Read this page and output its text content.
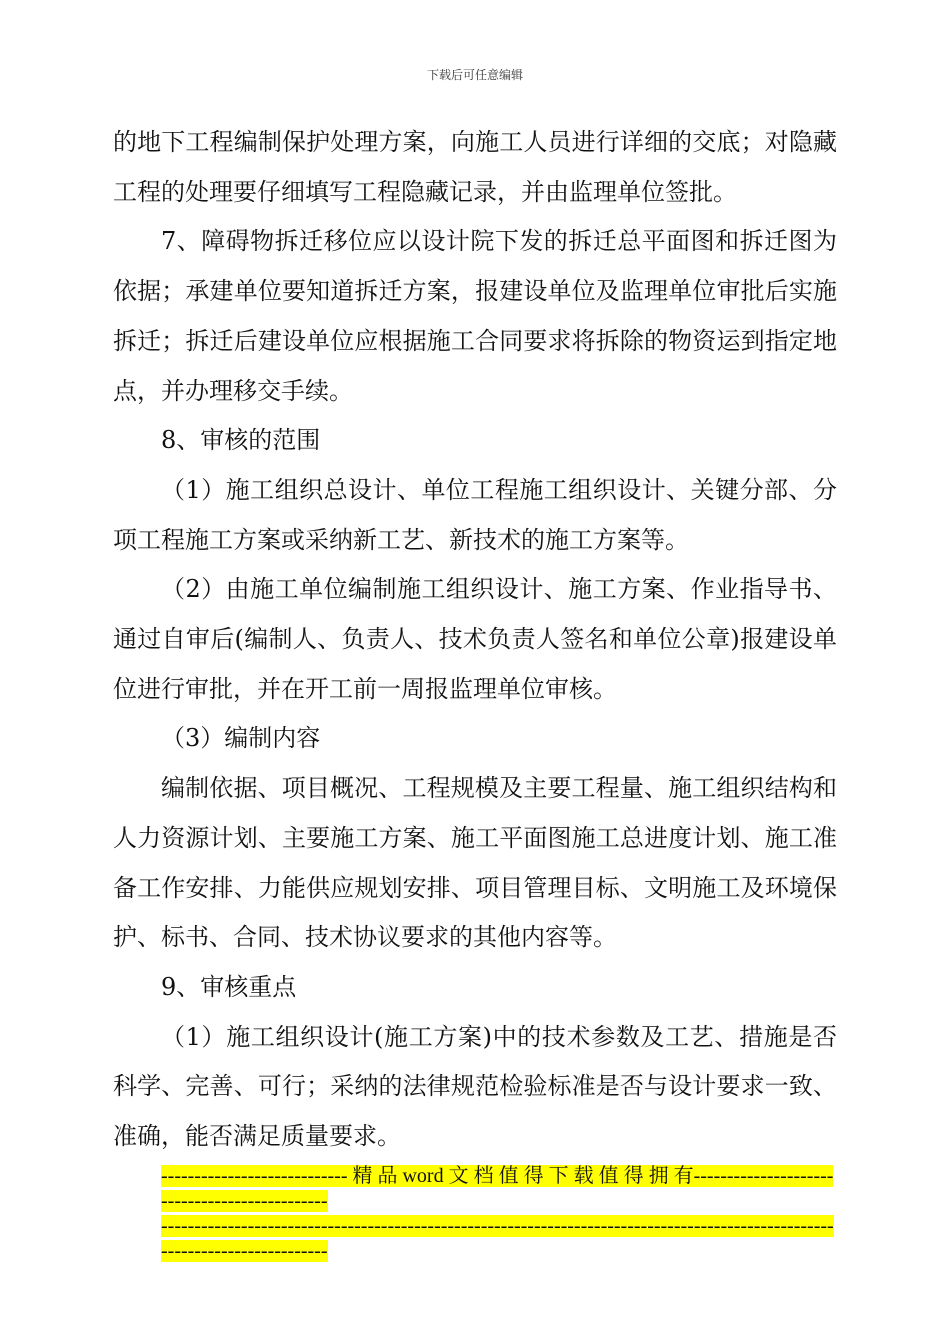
下载后可任意编辑

的地下工程编制保护处理方案，向施工人员进行详细的交底；对隐藏工程的处理要仔细填写工程隐藏记录，并由监理单位签批。

7、障碍物拆迁移位应以设计院下发的拆迁总平面图和拆迁图为依据；承建单位要知道拆迁方案，报建设单位及监理单位审批后实施拆迁；拆迁后建设单位应根据施工合同要求将拆除的物资运到指定地点，并办理移交手续。

8、审核的范围

（1）施工组织总设计、单位工程施工组织设计、关键分部、分项工程施工方案或采纳新工艺、新技术的施工方案等。

（2）由施工单位编制施工组织设计、施工方案、作业指导书、通过自审后(编制人、负责人、技术负责人签名和单位公章)报建设单位进行审批，并在开工前一周报监理单位审核。

（3）编制内容

编制依据、项目概况、工程规模及主要工程量、施工组织结构和人力资源计划、主要施工方案、施工平面图施工总进度计划、施工准备工作安排、力能供应规划安排、项目管理目标、文明施工及环境保护、标书、合同、技术协议要求的其他内容等。

9、审核重点

（1）施工组织设计(施工方案)中的技术参数及工艺、措施是否科学、完善、可行；采纳的法律规范检验标准是否与设计要求一致、准确，能否满足质量要求。

---------------------------- 精 品 word 文 档 值 得 下 载 值 得 拥 有----------------------------------------------

------------------------------------------------------------------------------------------------------------------------------
